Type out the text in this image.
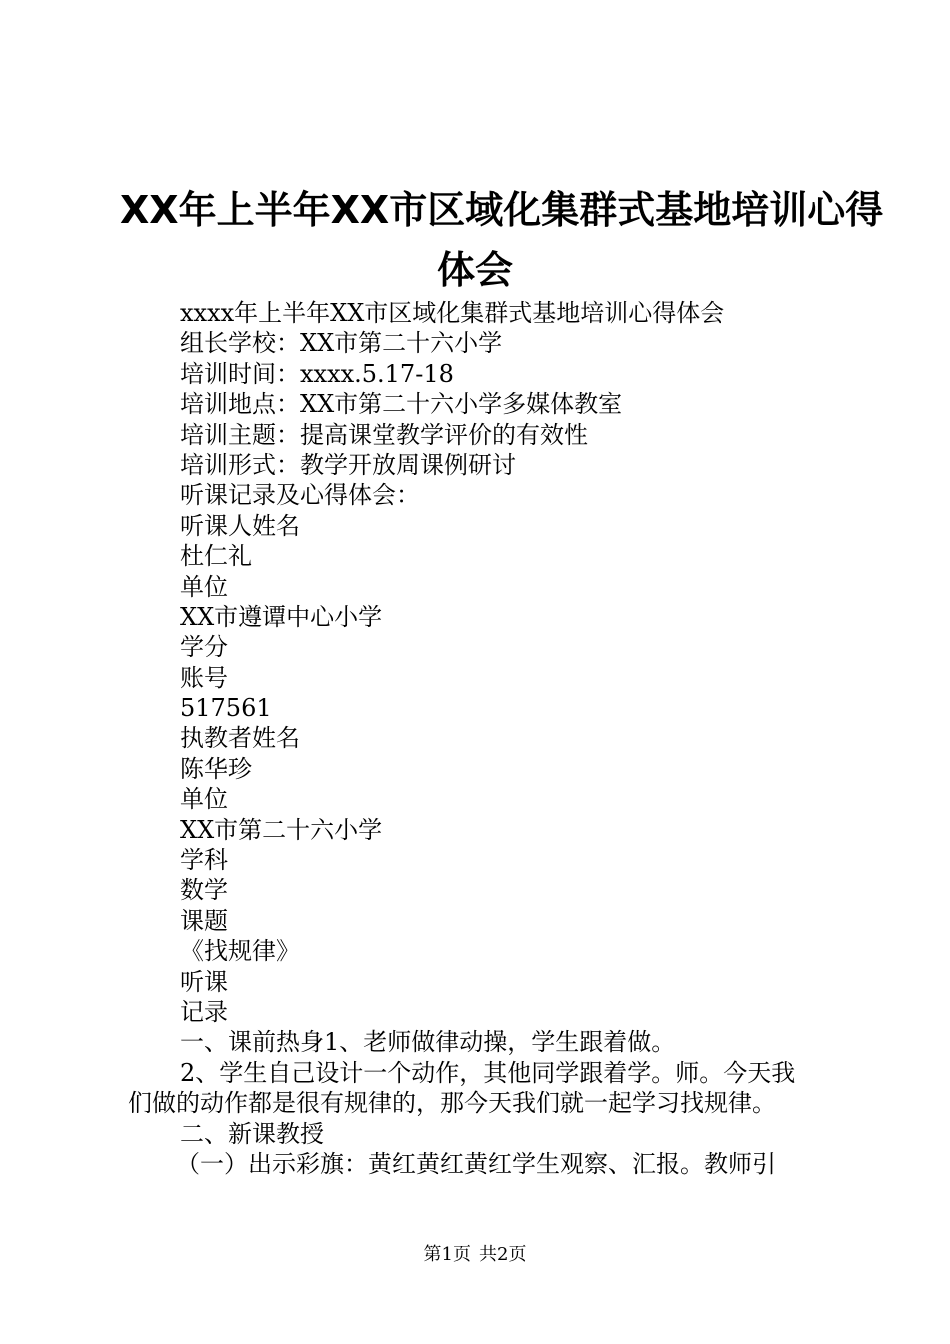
XX年上半年XX市区域化集群式基地培训心得
体会
xxxx年上半年XX市区域化集群式基地培训心得体会
组长学校：XX市第二十六小学
培训时间：xxxx.5.17-18
培训地点：XX市第二十六小学多媒体教室
培训主题：提高课堂教学评价的有效性
培训形式：教学开放周课例研讨
听课记录及心得体会：
听课人姓名
杜仁礼
单位
XX市遵谭中心小学
学分
账号
517561
执教者姓名
陈华珍
单位
XX市第二十六小学
学科
数学
课题
《找规律》
听课
记录
一、课前热身1、老师做律动操，学生跟着做。
2、学生自己设计一个动作，其他同学跟着学。师。今天我
们做的动作都是很有规律的，那今天我们就一起学习找规律。
二、新课教授
（一）出示彩旗：黄红黄红黄红学生观察、汇报。教师引
第1页 共2页
